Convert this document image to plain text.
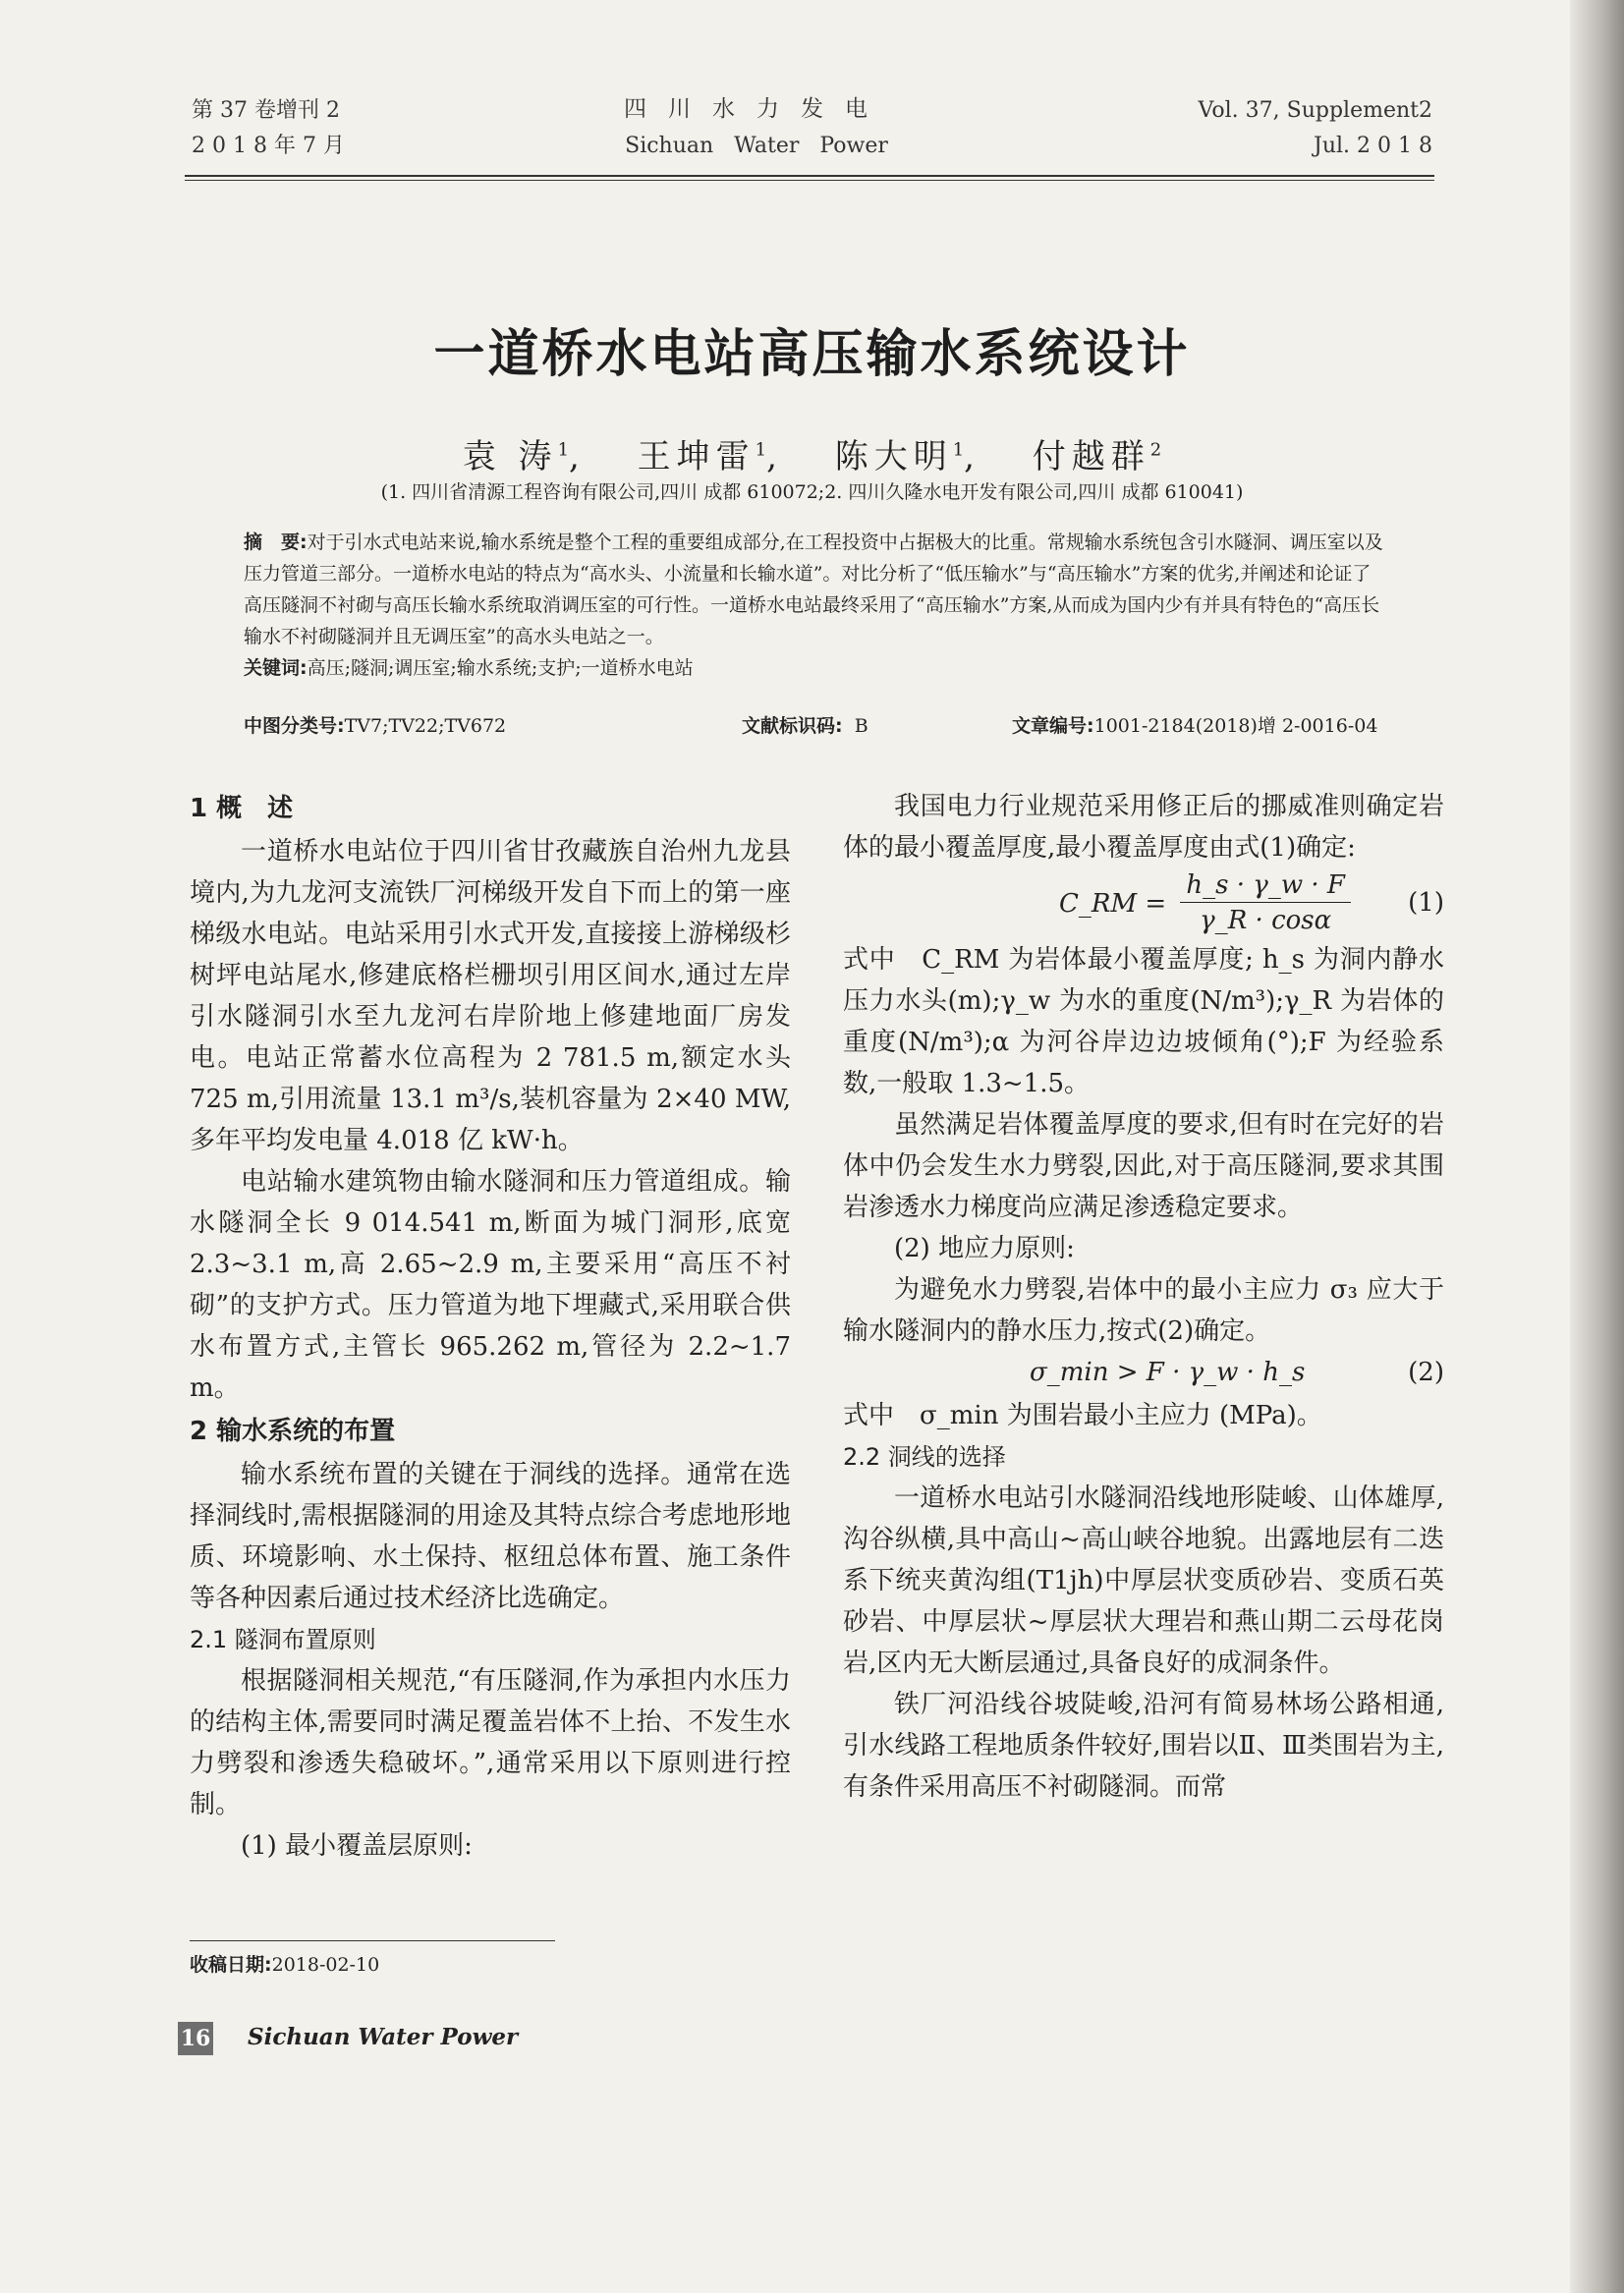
第 37 卷增刊 2
2 0 1 8 年 7 月
四川水力发电
Sichuan   Water   Power
Vol. 37, Supplement2
Jul. 2 0 1 8
一道桥水电站高压输水系统设计
袁 涛$^1$, 王坤雷$^1$, 陈大明$^1$, 付越群$^2$
(1. 四川省清源工程咨询有限公司,四川 成都 610072;2. 四川久隆水电开发有限公司,四川 成都 610041)

摘　要:对于引水式电站来说,输水系统是整个工程的重要组成部分,在工程投资中占据极大的比重。常规输水系统包含引水隧洞、调压室以及压力管道三部分。一道桥水电站的特点为“高水头、小流量和长输水道”。对比分析了“低压输水”与“高压输水”方案的优劣,并阐述和论证了高压隧洞不衬砌与高压长输水系统取消调压室的可行性。一道桥水电站最终采用了“高压输水”方案,从而成为国内少有并具有特色的“高压长输水不衬砌隧洞并且无调压室”的高水头电站之一。

关键词:高压;隧洞;调压室;输水系统;支护;一道桥水电站

中图分类号:TV7;TV22;TV672	文献标识码: B	文章编号:1001-2184(2018)增 2-0016-04

1 概　述

一道桥水电站位于四川省甘孜藏族自治州九龙县境内,为九龙河支流铁厂河梯级开发自下而上的第一座梯级水电站。电站采用引水式开发,直接接上游梯级杉树坪电站尾水,修建底格栏栅坝引用区间水,通过左岸引水隧洞引水至九龙河右岸阶地上修建地面厂房发电。电站正常蓄水位高程为 2 781.5 m,额定水头 725 m,引用流量 13.1 m³/s,装机容量为 2×40 MW,多年平均发电量 4.018 亿 kW·h。

电站输水建筑物由输水隧洞和压力管道组成。输水隧洞全长 9 014.541 m,断面为城门洞形,底宽 2.3~3.1 m,高 2.65~2.9 m,主要采用“高压不衬砌”的支护方式。压力管道为地下埋藏式,采用联合供水布置方式,主管长 965.262 m,管径为 2.2~1.7 m。

2 输水系统的布置

输水系统布置的关键在于洞线的选择。通常在选择洞线时,需根据隧洞的用途及其特点综合考虑地形地质、环境影响、水土保持、枢纽总体布置、施工条件等各种因素后通过技术经济比选确定。

2.1 隧洞布置原则

根据隧洞相关规范,“有压隧洞,作为承担内水压力的结构主体,需要同时满足覆盖岩体不上抬、不发生水力劈裂和渗透失稳破坏。”,通常采用以下原则进行控制。

(1) 最小覆盖层原则:

我国电力行业规范采用修正后的挪威准则确定岩体的最小覆盖厚度,最小覆盖厚度由式(1)确定:

C_RM = $\frac{h\_s \cdot \gamma\_w \cdot F}{\gamma\_R \cdot \cos\alpha} (1)$

式中　C_RM 为岩体最小覆盖厚度; h_s 为洞内静水压力水头(m);γ_w 为水的重度(N/m³);γ_R 为岩体的重度(N/m³);α 为河谷岸边边坡倾角(°);F 为经验系数,一般取 1.3~1.5。

虽然满足岩体覆盖厚度的要求,但有时在完好的岩体中仍会发生水力劈裂,因此,对于高压隧洞,要求其围岩渗透水力梯度尚应满足渗透稳定要求。

(2) 地应力原则:

为避免水力劈裂,岩体中的最小主应力 σ₃ 应大于输水隧洞内的静水压力,按式(2)确定。

σ_min > F · γ_w · h_s	(2)

式中　σ_min 为围岩最小主应力 (MPa)。

2.2 洞线的选择

一道桥水电站引水隧洞沿线地形陡峻、山体雄厚,沟谷纵横,具中高山~高山峡谷地貌。出露地层有二迭系下统夹黄沟组(T1jh)中厚层状变质砂岩、变质石英砂岩、中厚层状~厚层状大理岩和燕山期二云母花岗岩,区内无大断层通过,具备良好的成洞条件。

铁厂河沿线谷坡陡峻,沿河有简易林场公路相通,引水线路工程地质条件较好,围岩以Ⅱ、Ⅲ类围岩为主,有条件采用高压不衬砌隧洞。而常

收稿日期:2018-02-10
16 Sichuan Water Power
